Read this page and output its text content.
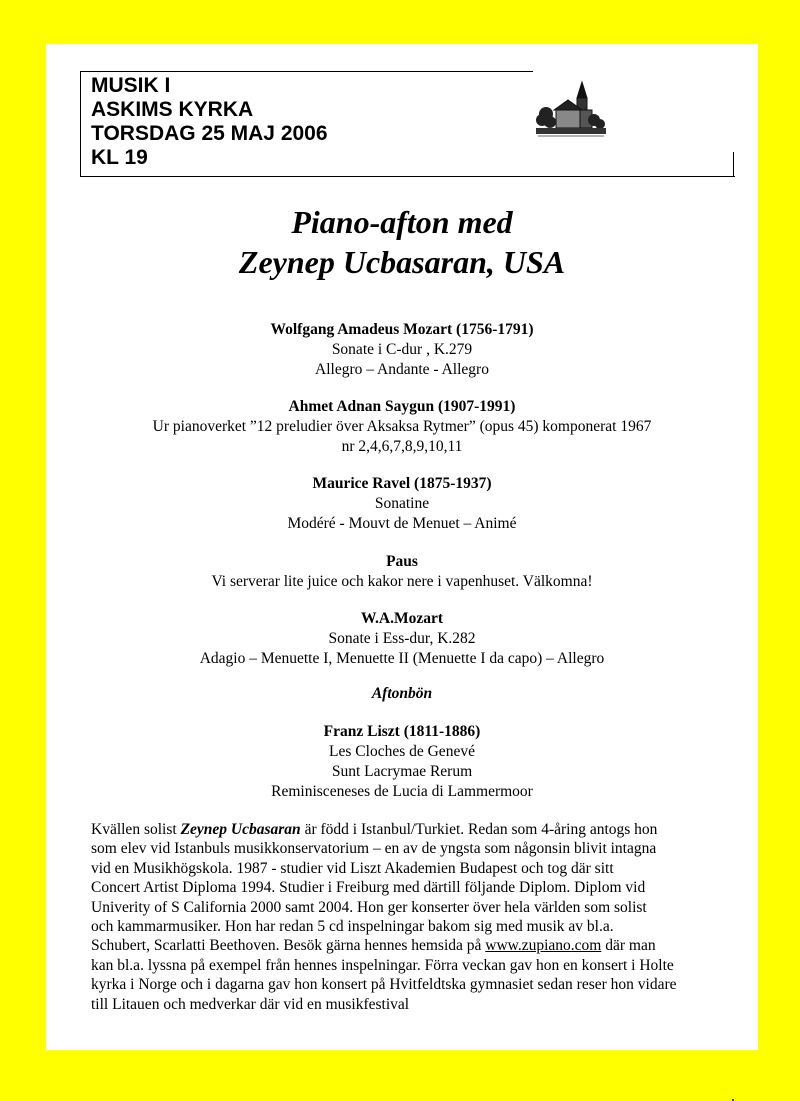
MUSIK I
ASKIMS KYRKA
TORSDAG 25 MAJ 2006
KL 19
Piano-afton med
Zeynep Ucbasaran, USA
Wolfgang Amadeus Mozart (1756-1791)
Sonate i C-dur , K.279
Allegro – Andante - Allegro
Ahmet Adnan Saygun (1907-1991)
Ur pianoverket ”12 preludier över Aksaksa Rytmer” (opus 45) komponerat 1967
nr 2,4,6,7,8,9,10,11
Maurice Ravel (1875-1937)
Sonatine
Modéré - Mouvt de Menuet – Animé
Paus
Vi serverar lite juice och kakor nere i vapenhuset. Välkomna!
W.A.Mozart
Sonate i Ess-dur, K.282
Adagio – Menuette I, Menuette II (Menuette I da capo) – Allegro
Aftonbön
Franz Liszt (1811-1886)
Les Cloches de Genevé
Sunt Lacrymae Rerum
Reminisceneses de Lucia di Lammermoor
Kvällen solist Zeynep Ucbasaran är född i Istanbul/Turkiet. Redan som 4-åring antogs hon
som elev vid Istanbuls musikkonservatorium – en av de yngsta som någonsin blivit intagna
vid en Musikhögskola. 1987 - studier vid Liszt Akademien Budapest och tog där sitt
Concert Artist Diploma 1994. Studier i Freiburg med därtill följande Diplom. Diplom vid
Univerity of S California 2000 samt 2004. Hon ger konserter över hela världen som solist
och kammarmusiker. Hon har redan 5 cd inspelningar bakom sig med musik av bl.a.
Schubert, Scarlatti Beethoven. Besök gärna hennes hemsida på www.zupiano.com där man
kan bl.a. lyssna på exempel från hennes inspelningar. Förra veckan gav hon en konsert i Holte
kyrka i Norge och i dagarna gav hon konsert på Hvitfeldtska gymnasiet sedan reser hon vidare
till Litauen och medverkar där vid en musikfestival
